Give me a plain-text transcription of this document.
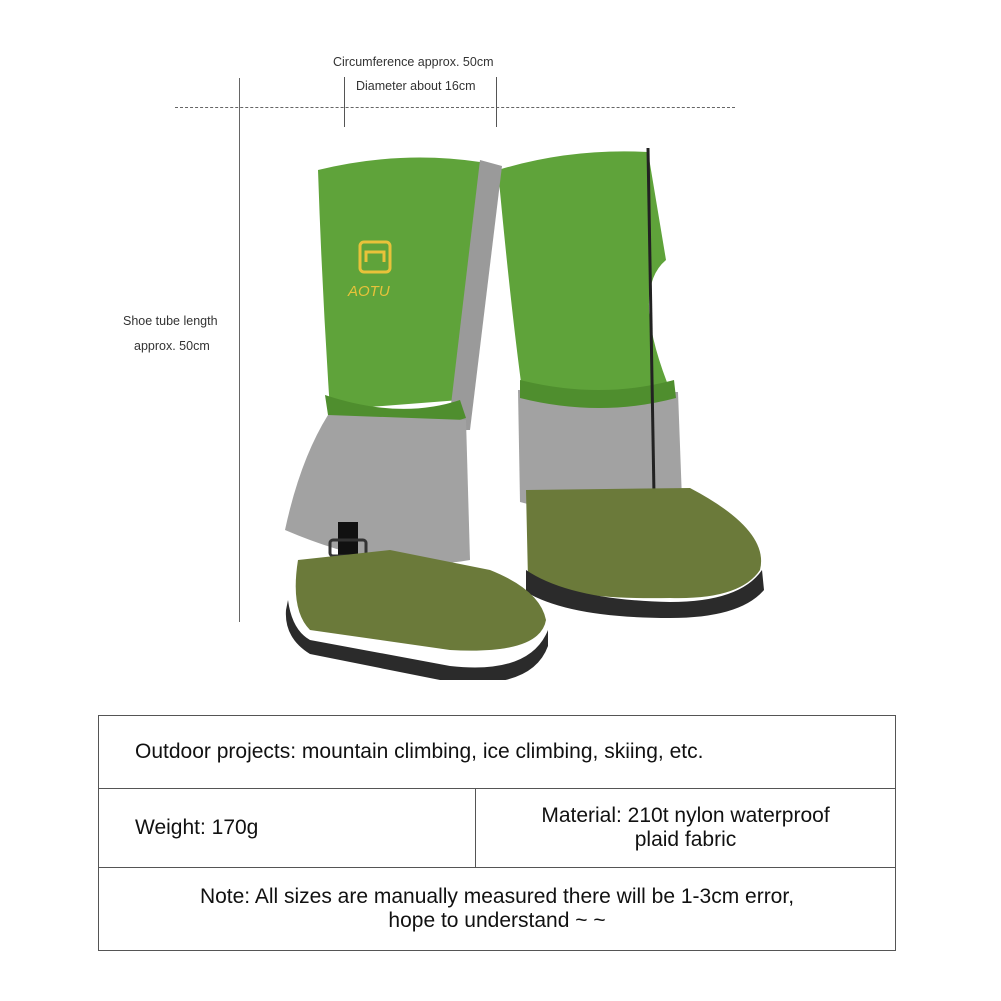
Circumference approx. 50cm
Diameter about 16cm
Shoe tube length
approx. 50cm
AOTU
Outdoor projects: mountain climbing, ice climbing, skiing, etc.
Weight: 170g	
Material: 210t nylon waterproof
plaid fabric

Note: All sizes are manually measured there will be 1-3cm error,
hope to understand ~ ~
